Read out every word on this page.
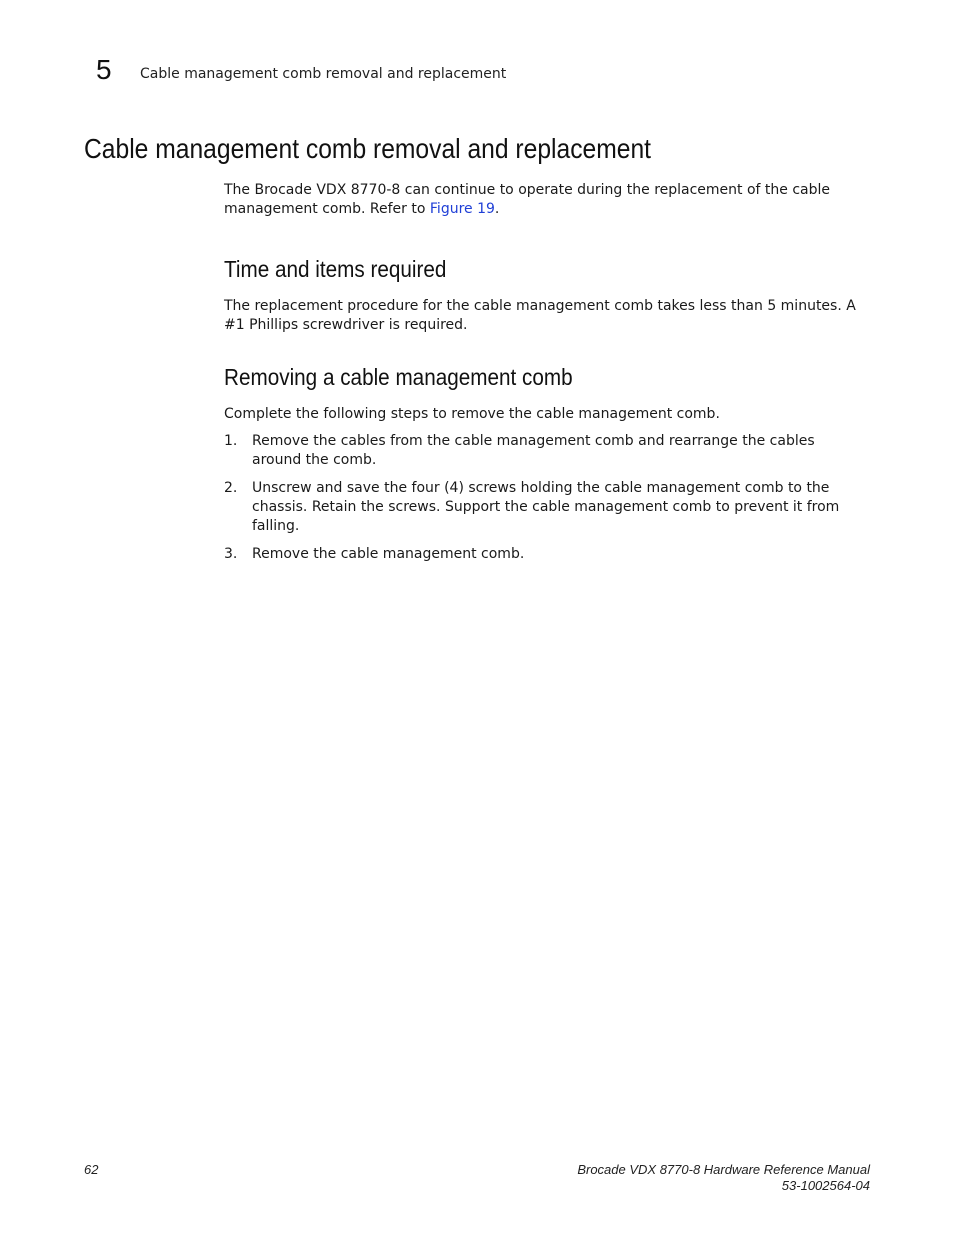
5 Cable management comb removal and replacement
Cable management comb removal and replacement

The Brocade VDX 8770-8 can continue to operate during the replacement of the cable management comb. Refer to Figure 19.

Time and items required

The replacement procedure for the cable management comb takes less than 5 minutes. A #1 Phillips screwdriver is required.

Removing a cable management comb

Complete the following steps to remove the cable management comb.

1.	Remove the cables from the cable management comb and rearrange the cables around the comb.
2.	Unscrew and save the four (4) screws holding the cable management comb to the chassis. Retain the screws. Support the cable management comb to prevent it from falling.
3.	Remove the cable management comb.
62	Brocade VDX 8770-8 Hardware Reference Manual
53-1002564-04
